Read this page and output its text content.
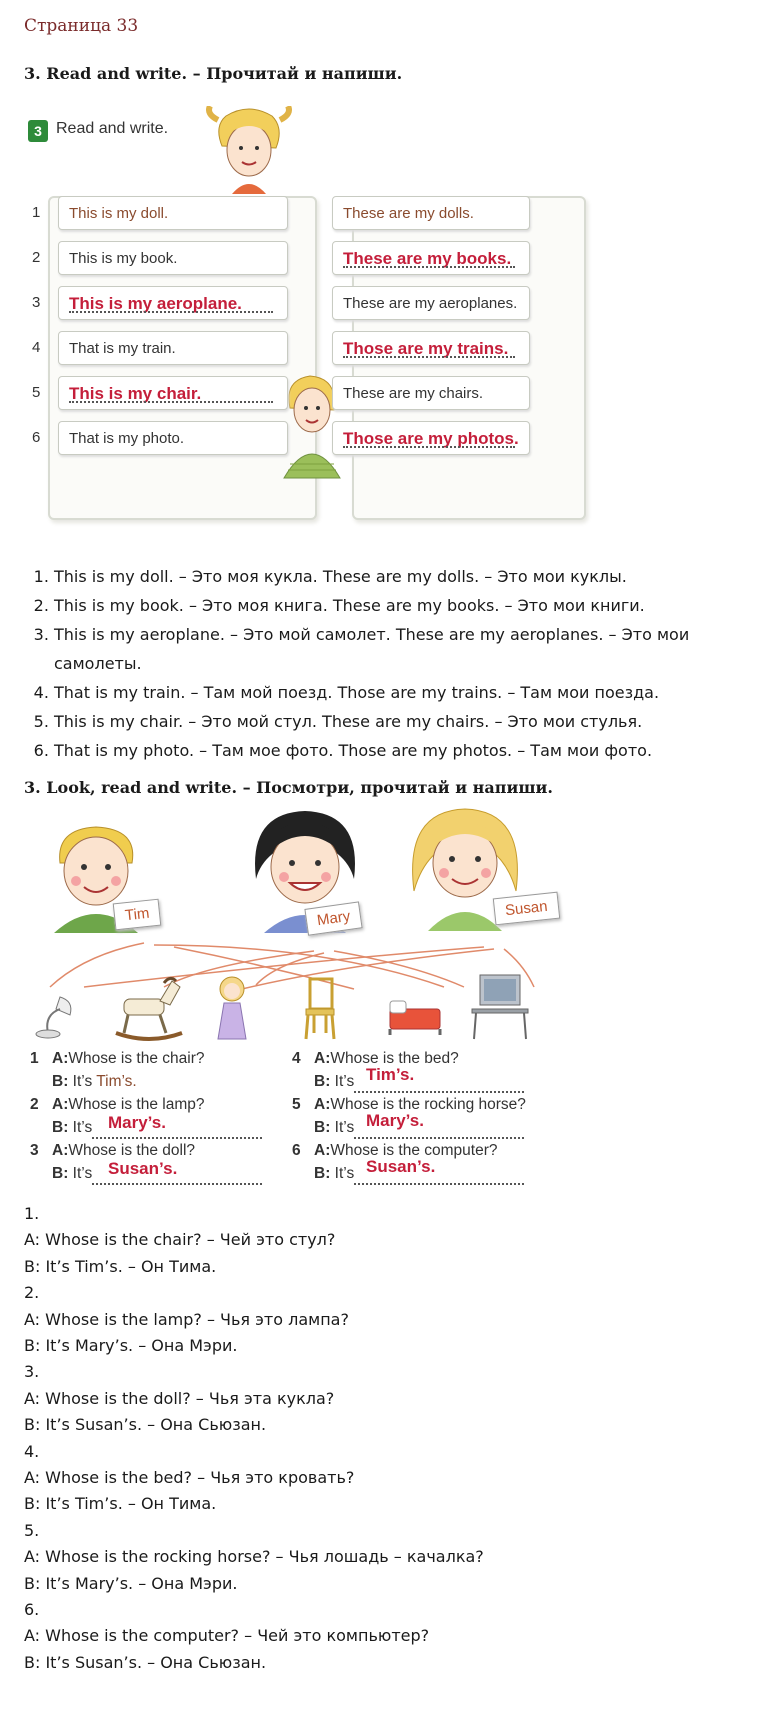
Страница 33
3. Read and write. – Прочитай и напиши.
3 Read and write.
1	This is my doll.	These are my dolls.
2	This is my book.	These are my books.
3	This is my aeroplane.	These are my aeroplanes.
4	That is my train.	Those are my trains.
5	This is my chair.	These are my chairs.
6	That is my photo.	Those are my photos.
1. This is my doll. – Это моя кукла. These are my dolls. – Это мои куклы.
2. This is my book. – Это моя книга. These are my books. – Это мои книги.
3. This is my aeroplane. – Это мой самолет. These are my aeroplanes. – Это мои самолеты.
4. That is my train. – Там мой поезд. Those are my trains. – Там мои поезда.
5. This is my chair. – Это мой стул. These are my chairs. – Это мои стулья.
6. That is my photo. – Там мое фото. Those are my photos. – Там мои фото.
3. Look, read and write. – Посмотри, прочитай и напиши.
Tim	Mary	Susan
1 A:Whose is the chair?
B: It’s Tim’s.
2 A:Whose is the lamp?
B: It’s Mary’s.
3 A:Whose is the doll?
B: It’s Susan’s.
4 A:Whose is the bed?
B: It’s Tim’s.
5 A:Whose is the rocking horse?
B: It’s Mary’s.
6 A:Whose is the computer?
B: It’s Susan’s.
1.
A: Whose is the chair? – Чей это стул?
B: It’s Tim’s. – Он Тима.
2.
A: Whose is the lamp? – Чья это лампа?
B: It’s Mary’s. – Она Мэри.
3.
A: Whose is the doll? – Чья эта кукла?
B: It’s Susan’s. – Она Сьюзан.
4.
A: Whose is the bed? – Чья это кровать?
B: It’s Tim’s. – Он Тима.
5.
A: Whose is the rocking horse? – Чья лошадь – качалка?
B: It’s Mary’s. – Она Мэри.
6.
A: Whose is the computer? – Чей это компьютер?
B: It’s Susan’s. – Она Сьюзан.
